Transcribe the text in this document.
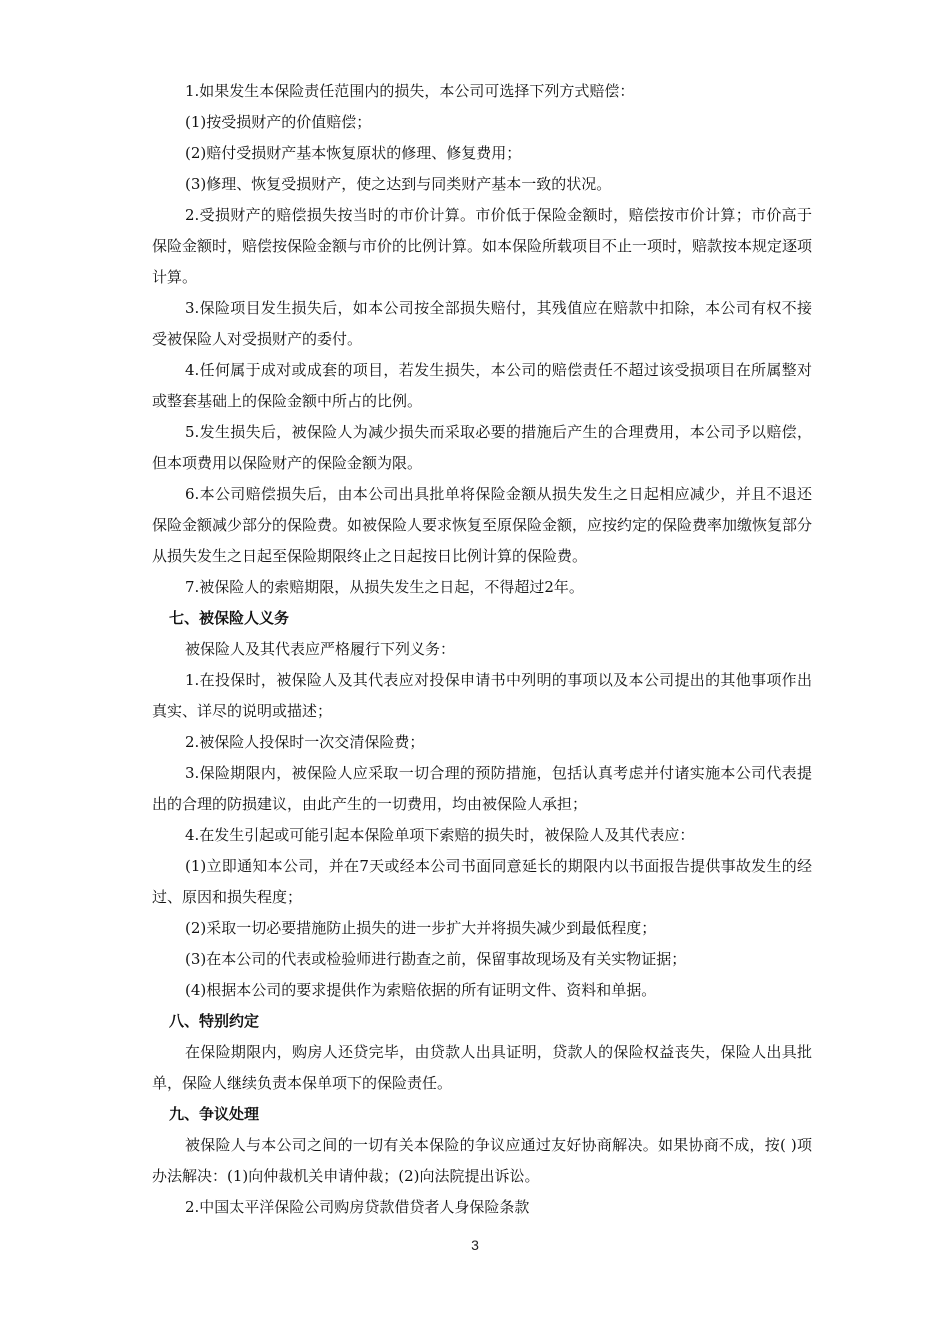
1.如果发生本保险责任范围内的损失，本公司可选择下列方式赔偿：

(1)按受损财产的价值赔偿；

(2)赔付受损财产基本恢复原状的修理、修复费用；

(3)修理、恢复受损财产，使之达到与同类财产基本一致的状况。

2.受损财产的赔偿损失按当时的市价计算。市价低于保险金额时，赔偿按市价计算；市价高于保险金额时，赔偿按保险金额与市价的比例计算。如本保险所载项目不止一项时，赔款按本规定逐项计算。

3.保险项目发生损失后，如本公司按全部损失赔付，其残值应在赔款中扣除，本公司有权不接受被保险人对受损财产的委付。

4.任何属于成对或成套的项目，若发生损失，本公司的赔偿责任不超过该受损项目在所属整对或整套基础上的保险金额中所占的比例。

5.发生损失后，被保险人为减少损失而采取必要的措施后产生的合理费用，本公司予以赔偿，但本项费用以保险财产的保险金额为限。

6.本公司赔偿损失后，由本公司出具批单将保险金额从损失发生之日起相应减少，并且不退还保险金额减少部分的保险费。如被保险人要求恢复至原保险金额，应按约定的保险费率加缴恢复部分从损失发生之日起至保险期限终止之日起按日比例计算的保险费。

7.被保险人的索赔期限，从损失发生之日起，不得超过2年。

七、被保险人义务

被保险人及其代表应严格履行下列义务：

1.在投保时，被保险人及其代表应对投保申请书中列明的事项以及本公司提出的其他事项作出真实、详尽的说明或描述；

2.被保险人投保时一次交清保险费；

3.保险期限内，被保险人应采取一切合理的预防措施，包括认真考虑并付诸实施本公司代表提出的合理的防损建议，由此产生的一切费用，均由被保险人承担；

4.在发生引起或可能引起本保险单项下索赔的损失时，被保险人及其代表应：

(1)立即通知本公司，并在7天或经本公司书面同意延长的期限内以书面报告提供事故发生的经过、原因和损失程度；

(2)采取一切必要措施防止损失的进一步扩大并将损失减少到最低程度；

(3)在本公司的代表或检验师进行勘查之前，保留事故现场及有关实物证据；

(4)根据本公司的要求提供作为索赔依据的所有证明文件、资料和单据。

八、特别约定

在保险期限内，购房人还贷完毕，由贷款人出具证明，贷款人的保险权益丧失，保险人出具批单，保险人继续负责本保单项下的保险责任。

九、争议处理

被保险人与本公司之间的一切有关本保险的争议应通过友好协商解决。如果协商不成，按( )项办法解决：(1)向仲裁机关申请仲裁；(2)向法院提出诉讼。

2.中国太平洋保险公司购房贷款借贷者人身保险条款

3
